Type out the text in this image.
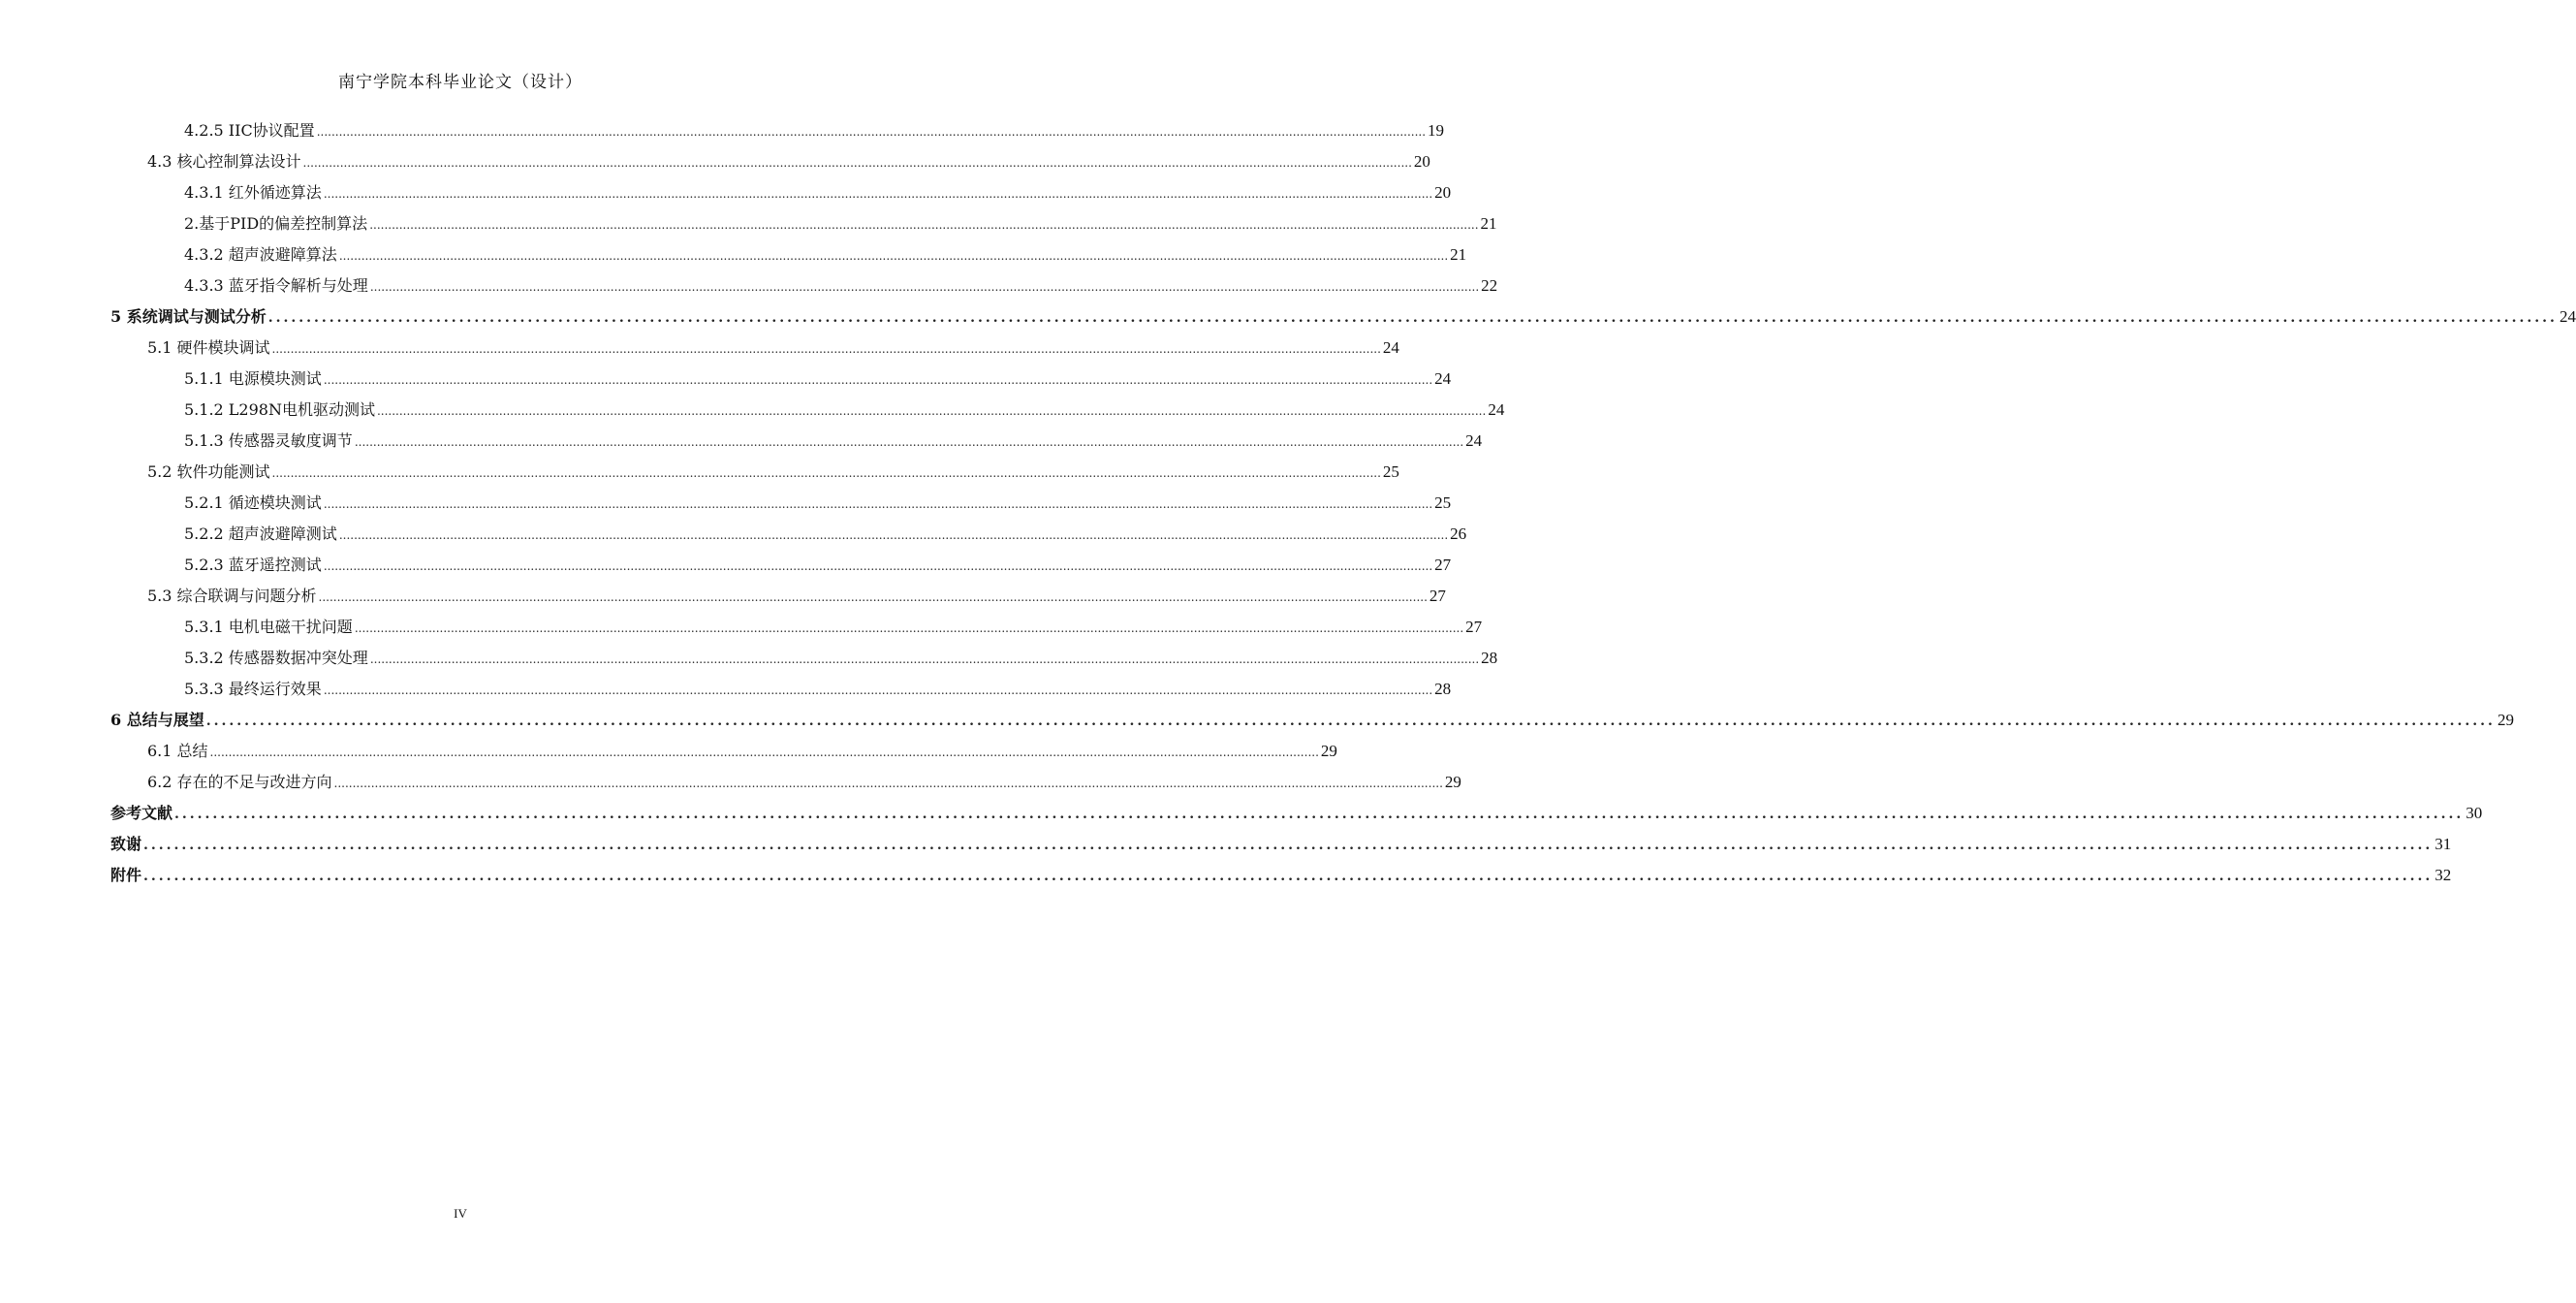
南宁学院本科毕业论文（设计）
4.2.5 IIC协议配置 ............................................................................................................................................................................................................................................................................................................ 19
4.3 核心控制算法设计 ............................................................................................................................................................................................................................................................................................................ 20
4.3.1 红外循迹算法 ............................................................................................................................................................................................................................................................................................................ 20
2.基于PID的偏差控制算法 ............................................................................................................................................................................................................................................................................................................ 21
4.3.2 超声波避障算法 ............................................................................................................................................................................................................................................................................................................ 21
4.3.3 蓝牙指令解析与处理 ............................................................................................................................................................................................................................................................................................................ 22
5 系统调试与测试分析 ............................................................................................................................................................................................................................................................................................................ 24
5.1 硬件模块调试 ............................................................................................................................................................................................................................................................................................................ 24
5.1.1 电源模块测试 ............................................................................................................................................................................................................................................................................................................ 24
5.1.2 L298N电机驱动测试 ............................................................................................................................................................................................................................................................................................................ 24
5.1.3 传感器灵敏度调节 ............................................................................................................................................................................................................................................................................................................ 24
5.2 软件功能测试 ............................................................................................................................................................................................................................................................................................................ 25
5.2.1 循迹模块测试 ............................................................................................................................................................................................................................................................................................................ 25
5.2.2 超声波避障测试 ............................................................................................................................................................................................................................................................................................................ 26
5.2.3 蓝牙遥控测试 ............................................................................................................................................................................................................................................................................................................ 27
5.3 综合联调与问题分析 ............................................................................................................................................................................................................................................................................................................ 27
5.3.1 电机电磁干扰问题 ............................................................................................................................................................................................................................................................................................................ 27
5.3.2 传感器数据冲突处理 ............................................................................................................................................................................................................................................................................................................ 28
5.3.3 最终运行效果 ............................................................................................................................................................................................................................................................................................................ 28
6 总结与展望 ............................................................................................................................................................................................................................................................................................................ 29
6.1 总结 ............................................................................................................................................................................................................................................................................................................ 29
6.2 存在的不足与改进方向 ............................................................................................................................................................................................................................................................................................................ 29
参考文献 ............................................................................................................................................................................................................................................................................................................ 30
致谢 ............................................................................................................................................................................................................................................................................................................ 31
附件 ............................................................................................................................................................................................................................................................................................................ 32
IV
